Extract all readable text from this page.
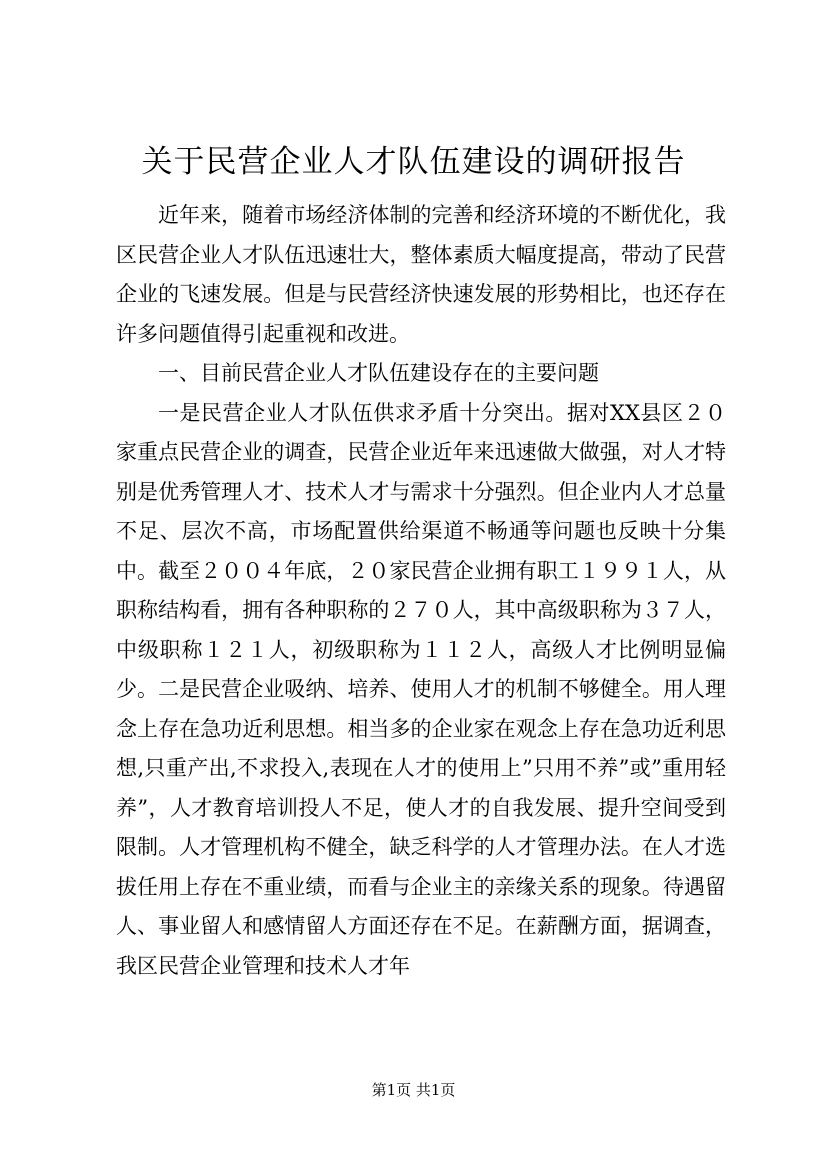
关于民营企业人才队伍建设的调研报告

近年来，随着市场经济体制的完善和经济环境的不断优化，我区民营企业人才队伍迅速壮大，整体素质大幅度提高，带动了民营企业的飞速发展。但是与民营经济快速发展的形势相比，也还存在许多问题值得引起重视和改进。

一、目前民营企业人才队伍建设存在的主要问题

一是民营企业人才队伍供求矛盾十分突出。据对XX县区２０家重点民营企业的调查，民营企业近年来迅速做大做强，对人才特别是优秀管理人才、技术人才与需求十分强烈。但企业内人才总量不足、层次不高，市场配置供给渠道不畅通等问题也反映十分集中。截至２００４年底，２０家民营企业拥有职工１９９１人，从职称结构看，拥有各种职称的２７０人，其中高级职称为３７人，中级职称１２１人，初级职称为１１２人，高级人才比例明显偏少。二是民营企业吸纳、培养、使用人才的机制不够健全。用人理念上存在急功近利思想。相当多的企业家在观念上存在急功近利思想,只重产出,不求投入,表现在人才的使用上”只用不养”或”重用轻养”，人才教育培训投人不足，使人才的自我发展、提升空间受到限制。人才管理机构不健全，缺乏科学的人才管理办法。在人才选拔任用上存在不重业绩，而看与企业主的亲缘关系的现象。待遇留人、事业留人和感情留人方面还存在不足。在薪酬方面，据调查，我区民营企业管理和技术人才年

第1页 共1页
